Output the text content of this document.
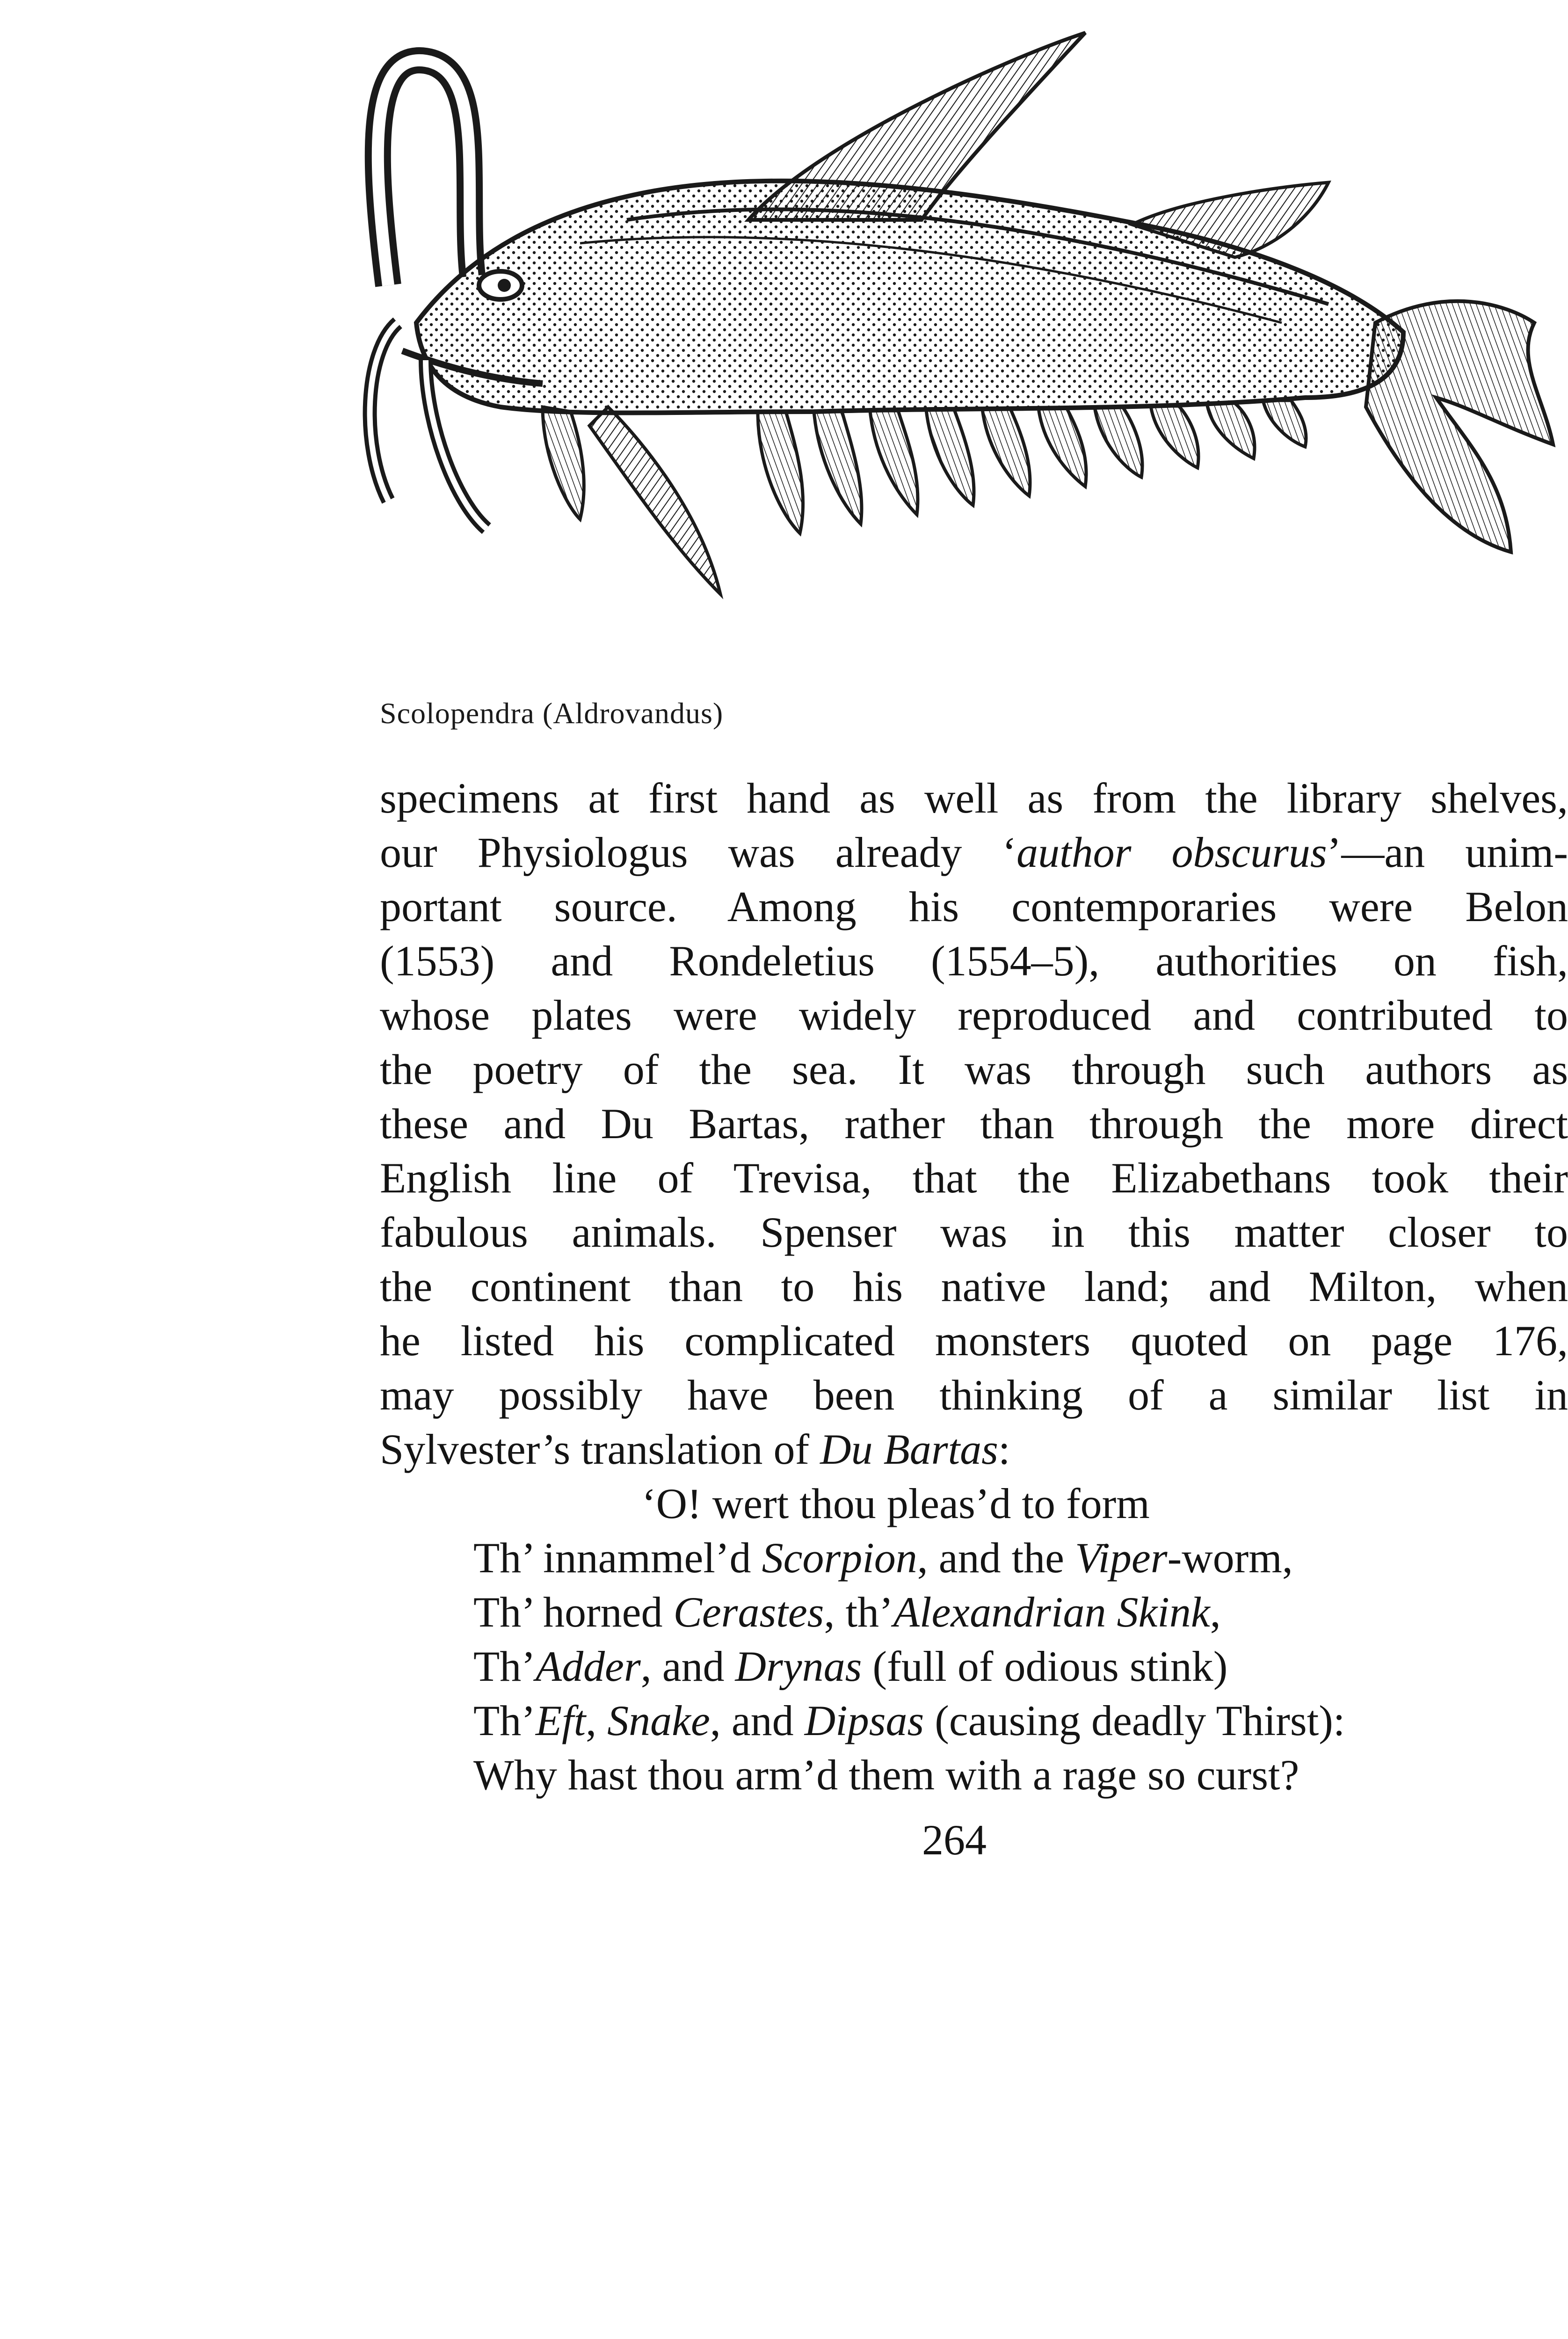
Scolopendra (Aldrovandus)
specimens at first hand as well as from the library shelves,
our Physiologus was already ‘author obscurus’—an unim-
portant source. Among his contemporaries were Belon
(1553) and Rondeletius (1554–5), authorities on fish,
whose plates were widely reproduced and contributed to
the poetry of the sea. It was through such authors as
these and Du Bartas, rather than through the more direct
English line of Trevisa, that the Elizabethans took their
fabulous animals. Spenser was in this matter closer to
the continent than to his native land; and Milton, when
he listed his complicated monsters quoted on page 176,
may possibly have been thinking of a similar list in
Sylvester’s translation of Du Bartas:
‘O! wert thou pleas’d to form
Th’ innammel’d Scorpion, and the Viper-worm,
Th’ horned Cerastes, th’Alexandrian Skink,
Th’Adder, and Drynas (full of odious stink)
Th’Eft, Snake, and Dipsas (causing deadly Thirst):
Why hast thou arm’d them with a rage so curst?
264
